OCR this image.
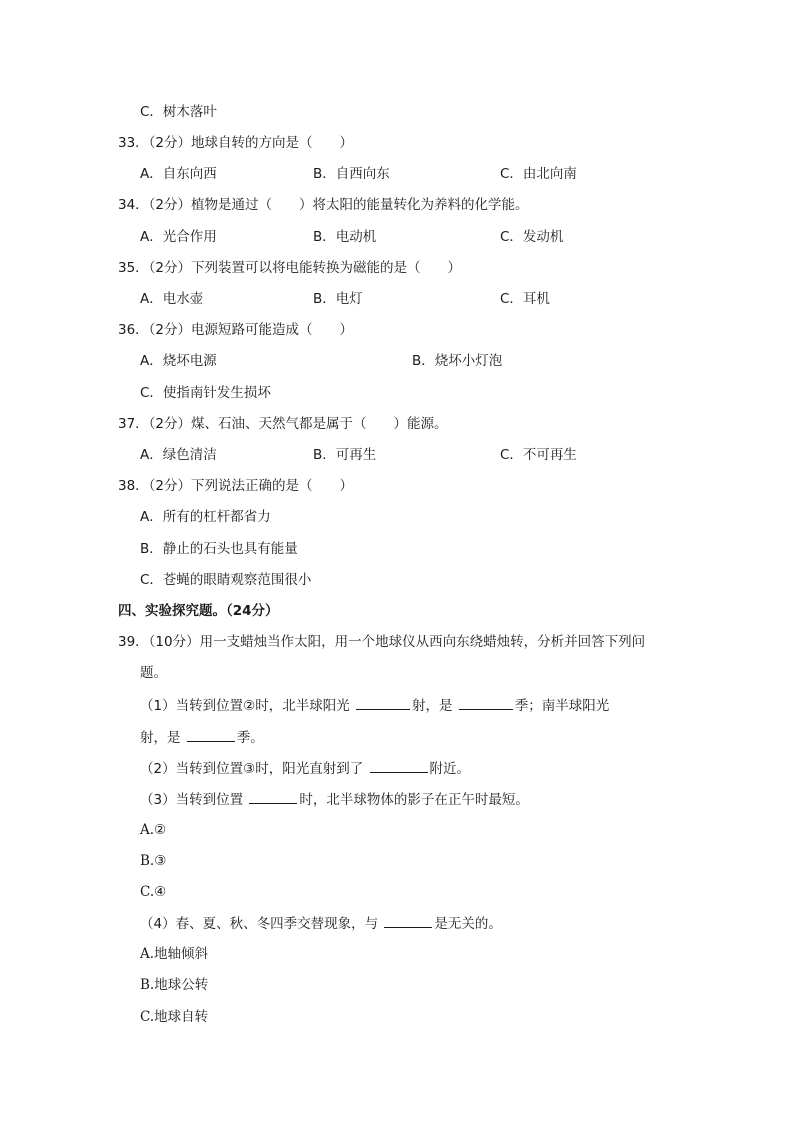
C．树木落叶
33．（2分）地球自转的方向是（　　）
A．自东向西	B．自西向东	C．由北向南
34．（2分）植物是通过（　　）将太阳的能量转化为养料的化学能。
A．光合作用	B．电动机	C．发动机
35．（2分）下列装置可以将电能转换为磁能的是（　　）
A．电水壶	B．电灯	C．耳机
36．（2分）电源短路可能造成（　　）
A．烧坏电源	B．烧坏小灯泡
C．使指南针发生损坏
37．（2分）煤、石油、天然气都是属于（　　）能源。
A．绿色清洁	B．可再生	C．不可再生
38．（2分）下列说法正确的是（　　）
A．所有的杠杆都省力
B．静止的石头也具有能量
C．苍蝇的眼睛观察范围很小
四、实验探究题。（24分）
39．（10分）用一支蜡烛当作太阳，用一个地球仪从西向东绕蜡烛转，分析并回答下列问
题。
（1）当转到位置②时，北半球阳光	射，是	季；南半球阳光
射，是	季。
（2）当转到位置③时，阳光直射到了	附近。
（3）当转到位置	时，北半球物体的影子在正午时最短。
A.②
B.③
C.④
（4）春、夏、秋、冬四季交替现象，与	是无关的。
A.地轴倾斜
B.地球公转
C.地球自转
